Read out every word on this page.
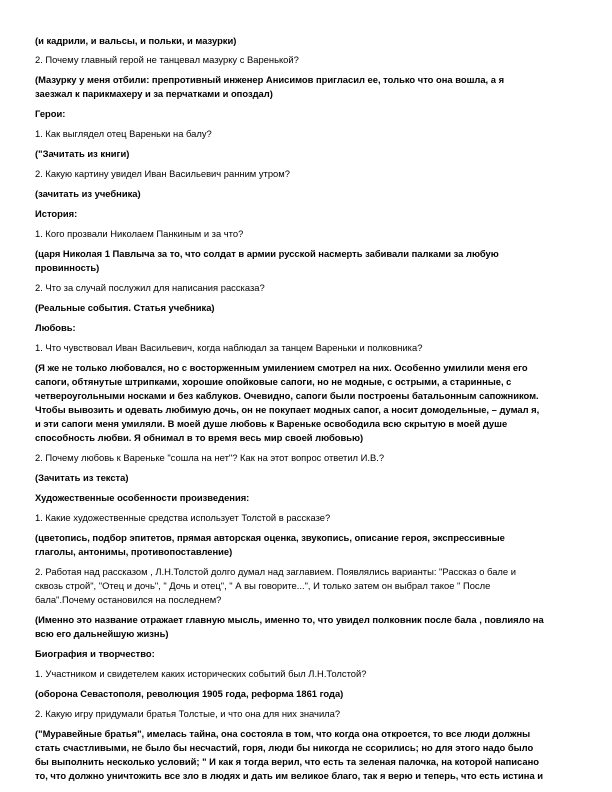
(и кадрили, и вальсы, и польки, и мазурки)
2. Почему главный герой не танцевал мазурку с Варенькой?
(Мазурку у меня отбили: препротивный инженер Анисимов пригласил ее, только что она вошла, а я
заезжал к парикмахеру и за перчатками и опоздал)
Герои:
1. Как выглядел отец Вареньки на балу?
("Зачитать из книги)
2. Какую картину увидел Иван Васильевич ранним утром?
(зачитать из учебника)
История:
1. Кого прозвали Николаем Панкиным и за что?
(царя Николая 1 Павлыча за то, что солдат в армии русской насмерть забивали палками за любую
провинность)
2. Что за случай послужил для написания рассказа?
(Реальные события. Статья учебника)
Любовь:
1. Что чувствовал Иван Васильевич, когда наблюдал за танцем Вареньки и полковника?
(Я же не только любовался, но с восторженным умилением смотрел на них. Особенно умилили меня его
сапоги, обтянутые штрипками, хорошие опойковые сапоги, но не модные, с острыми, а старинные, с
четвероугольными носками и без каблуков. Очевидно, сапоги были построены батальонным сапожником.
Чтобы вывозить и одевать любимую дочь, он не покупает модных сапог, а носит домодельные, – думал я,
и эти сапоги меня умиляли. В моей душе любовь к Вареньке освободила всю скрытую в моей душе
способность любви. Я обнимал в то время весь мир своей любовью)
2. Почему любовь к Вареньке "сошла на нет"? Как на этот вопрос ответил И.В.?
(Зачитать из текста)
Художественные особенности произведения:
1. Какие художественные средства использует Толстой в рассказе?
(цветопись, подбор эпитетов, прямая авторская оценка, звукопись, описание героя, экспрессивные
глаголы, антонимы, противопоставление)
2. Работая над рассказом , Л.Н.Толстой долго думал над заглавием. Появлялись варианты: "Рассказ о бале и
сквозь строй", "Отец и дочь", " Дочь и отец", " А вы говорите...", И только затем он выбрал такое " После
бала".Почему остановился на последнем?
(Именно это название отражает главную мысль, именно то, что увидел полковник после бала , повлияло на
всю его дальнейшую жизнь)
Биография и творчество:
1. Участником и свидетелем каких исторических событий был Л.Н.Толстой?
(оборона Севастополя, революция 1905 года, реформа 1861 года)
2. Какую игру придумали братья Толстые, и что она для них значила?
("Муравейные братья", имелась тайна, она состояла в том, что когда она откроется, то все люди должны
стать счастливыми, не было бы несчастий, горя, люди бы никогда не ссорились; но для этого надо было
бы выполнить несколько условий; " И как я тогда верил, что есть та зеленая палочка, на которой написано
то, что должно уничтожить все зло в людях и дать им великое благо, так я верю и теперь, что есть истина и
